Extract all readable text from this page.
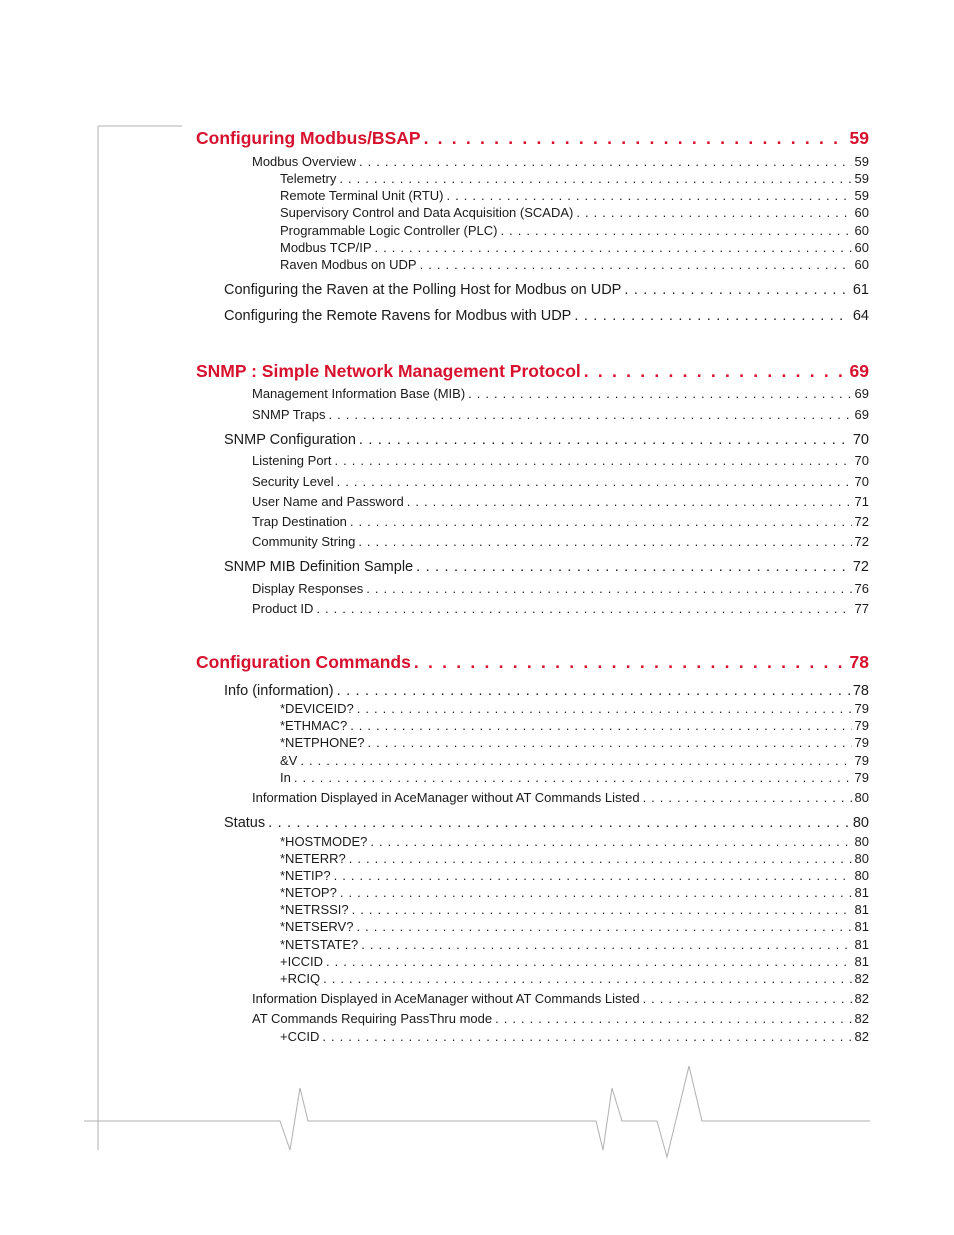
Configuring Modbus/BSAP . . .	59
Modbus Overview . . .	59
Telemetry . . .	59
Remote Terminal Unit (RTU) . . .	59
Supervisory Control and Data Acquisition (SCADA) . . .	60
Programmable Logic Controller (PLC) . . .	60
Modbus TCP/IP . . .	60
Raven Modbus on UDP . . .	60
Configuring the Raven at the Polling Host for Modbus on UDP . . .	61
Configuring the Remote Ravens for Modbus with UDP . . .	64
SNMP : Simple Network Management Protocol . . .	69
Management Information Base (MIB) . . .	69
SNMP Traps . . .	69
SNMP Configuration . . .	70
Listening Port . . .	70
Security Level . . .	70
User Name and Password . . .	71
Trap Destination . . .	72
Community String . . .	72
SNMP MIB Definition Sample . . .	72
Display Responses . . .	76
Product ID . . .	77
Configuration Commands . . .	78
Info (information) . . .	78
*DEVICEID? . . .	79
*ETHMAC? . . .	79
*NETPHONE? . . .	79
&V . . .	79
In . . .	79
Information Displayed in AceManager without AT Commands Listed . . .	80
Status . . .	80
*HOSTMODE? . . .	80
*NETERR? . . .	80
*NETIP? . . .	80
*NETOP? . . .	81
*NETRSSI? . . .	81
*NETSERV? . . .	81
*NETSTATE? . . .	81
+ICCID . . .	81
+RCIQ . . .	82
Information Displayed in AceManager without AT Commands Listed . . .	82
AT Commands Requiring PassThru mode . . .	82
+CCID . . .	82
